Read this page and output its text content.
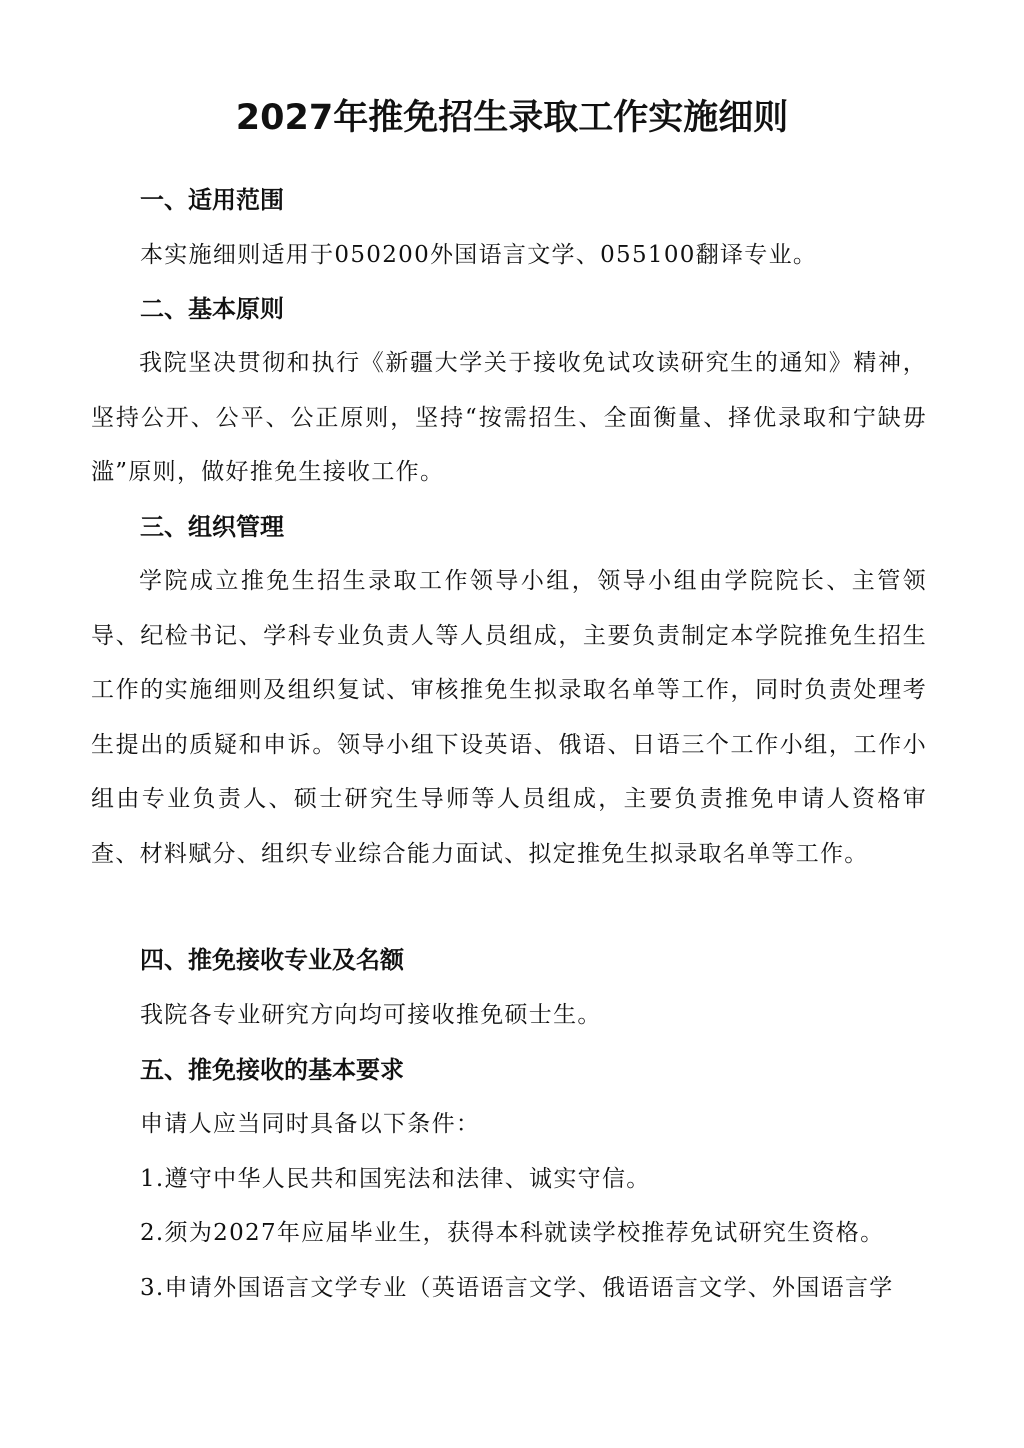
2027年推免招生录取工作实施细则
一、适用范围
本实施细则适用于050200外国语言文学、055100翻译专业。
二、基本原则
我院坚决贯彻和执行《新疆大学关于接收免试攻读研究生的通知》精神，坚持公开、公平、公正原则，坚持“按需招生、全面衡量、择优录取和宁缺毋滥”原则，做好推免生接收工作。
三、组织管理
学院成立推免生招生录取工作领导小组，领导小组由学院院长、主管领导、纪检书记、学科专业负责人等人员组成，主要负责制定本学院推免生招生工作的实施细则及组织复试、审核推免生拟录取名单等工作，同时负责处理考生提出的质疑和申诉。领导小组下设英语、俄语、日语三个工作小组，工作小组由专业负责人、硕士研究生导师等人员组成，主要负责推免申请人资格审查、材料赋分、组织专业综合能力面试、拟定推免生拟录取名单等工作。
四、推免接收专业及名额
我院各专业研究方向均可接收推免硕士生。
五、推免接收的基本要求
申请人应当同时具备以下条件：
1.遵守中华人民共和国宪法和法律、诚实守信。
2.须为2027年应届毕业生，获得本科就读学校推荐免试研究生资格。
3.申请外国语言文学专业（英语语言文学、俄语语言文学、外国语言学
